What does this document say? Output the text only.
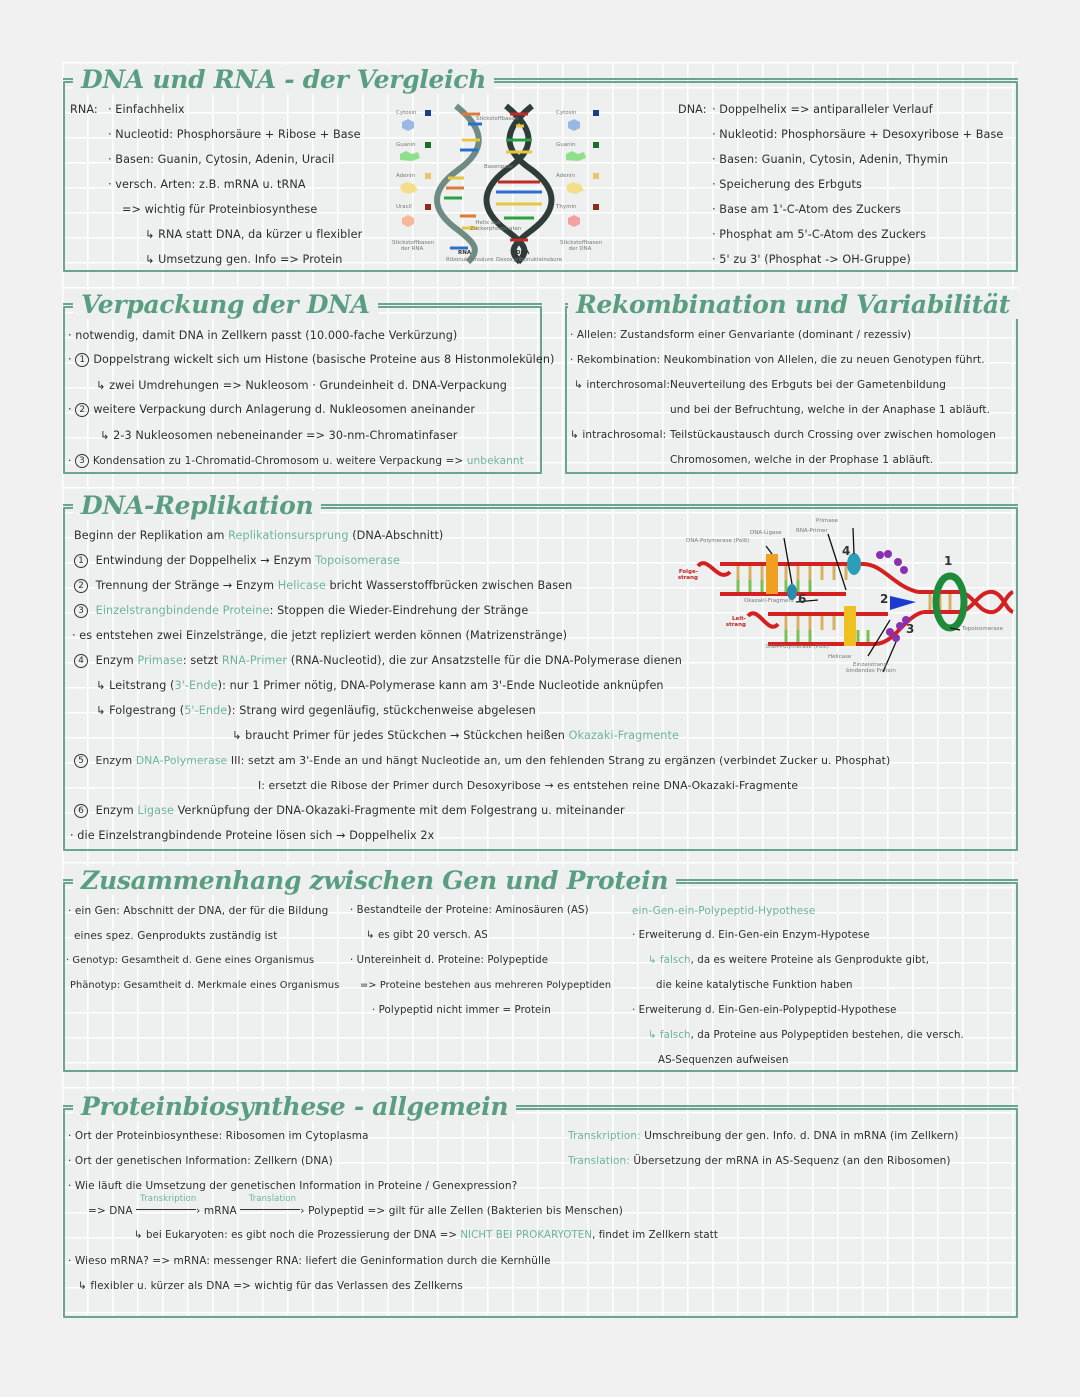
DNA und RNA - der Vergleich
RNA: · Einfachhelix
· Nucleotid: Phosphorsäure + Ribose + Base
· Basen: Guanin, Cytosin, Adenin, Uracil
· versch. Arten: z.B. mRNA u. tRNA
=> wichtig für Proteinbiosynthese
↳ RNA statt DNA, da kürzer u flexibler
↳ Umsetzung gen. Info => Protein
Cytosin
Guanin
Adenin
Uracil
Stickstoffbasen der RNA
Cytosin
Guanin
Adenin
Thymin
Stickstoffbasen der DNA
Stickstoffbasen
Basenpaar
Helix aus Zuckerphosphaten
RNA
Ribonukleinsäure
DNA
Desoxyribonukleinsäure
DNA: · Doppelhelix => antiparalleler Verlauf
· Nukleotid: Phosphorsäure + Desoxyribose + Base
· Basen: Guanin, Cytosin, Adenin, Thymin
· Speicherung des Erbguts
· Base am 1'-C-Atom des Zuckers
· Phosphat am 5'-C-Atom des Zuckers
· 5' zu 3' (Phosphat -> OH-Gruppe)
Verpackung der DNA
· notwendig, damit DNA in Zellkern passt (10.000-fache Verkürzung)
· 1 Doppelstrang wickelt sich um Histone (basische Proteine aus 8 Histonmolekülen)
↳ zwei Umdrehungen => Nukleosom · Grundeinheit d. DNA-Verpackung
· 2 weitere Verpackung durch Anlagerung d. Nukleosomen aneinander
↳ 2-3 Nukleosomen nebeneinander => 30-nm-Chromatinfaser
· 3 Kondensation zu 1-Chromatid-Chromosom u. weitere Verpackung => unbekannt
Rekombination und Variabilität
· Allelen: Zustandsform einer Genvariante (dominant / rezessiv)
· Rekombination: Neukombination von Allelen, die zu neuen Genotypen führt.
↳ interchrosomal: Neuverteilung des Erbguts bei der Gametenbildung
und bei der Befruchtung, welche in der Anaphase 1 abläuft.
↳ intrachrosomal: Teilstückaustausch durch Crossing over zwischen homologen
Chromosomen, welche in der Prophase 1 abläuft.
DNA-Replikation
Beginn der Replikation am Replikationsursprung (DNA-Abschnitt)
1 Entwindung der Doppelhelix → Enzym Topoisomerase
2 Trennung der Stränge → Enzym Helicase bricht Wasserstoffbrücken zwischen Basen
3 Einzelstrangbindende Proteine: Stoppen die Wieder-Eindrehung der Stränge
· es entstehen zwei Einzelstränge, die jetzt repliziert werden können (Matrizenstränge)
4 Enzym Primase: setzt RNA-Primer (RNA-Nucleotid), die zur Ansatzstelle für die DNA-Polymerase dienen
↳ Leitstrang (3'-Ende): nur 1 Primer nötig, DNA-Polymerase kann am 3'-Ende Nucleotide anknüpfen
↳ Folgestrang (5'-Ende): Strang wird gegenläufig, stückchenweise abgelesen
↳ braucht Primer für jedes Stückchen → Stückchen heißen Okazaki-Fragmente
5 Enzym DNA-Polymerase III: setzt am 3'-Ende an und hängt Nucleotide an, um den fehlenden Strang zu ergänzen (verbindet Zucker u. Phosphat)
I: ersetzt die Ribose der Primer durch Desoxyribose → es entstehen reine DNA-Okazaki-Fragmente
6 Enzym Ligase Verknüpfung der DNA-Okazaki-Fragmente mit dem Folgestrang u. miteinander
· die Einzelstrangbindende Proteine lösen sich → Doppelhelix 2x
Primase
DNA-Ligase	RNA-Primer
DNA-Polymerase (Polδ)
Folge-strang
Okazaki-Fragment
Leit-strang
DNA-Polymerase (Polε)
Helicase
Einzelstrang-bindendes Protein
Topoisomerase
1
2
3
4
6
Zusammenhang zwischen Gen und Protein
· ein Gen: Abschnitt der DNA, der für die Bildung
eines spez. Genprodukts zuständig ist
· Genotyp: Gesamtheit d. Gene eines Organismus
Phänotyp: Gesamtheit d. Merkmale eines Organismus
· Bestandteile der Proteine: Aminosäuren (AS)
↳ es gibt 20 versch. AS
· Untereinheit d. Proteine: Polypeptide
=> Proteine bestehen aus mehreren Polypeptiden
· Polypeptid nicht immer = Protein
ein-Gen-ein-Polypeptid-Hypothese
· Erweiterung d. Ein-Gen-ein Enzym-Hypotese
↳ falsch, da es weitere Proteine als Genprodukte gibt,
die keine katalytische Funktion haben
· Erweiterung d. Ein-Gen-ein-Polypeptid-Hypothese
↳ falsch, da Proteine aus Polypeptiden bestehen, die versch.
AS-Sequenzen aufweisen
Proteinbiosynthese - allgemein
· Ort der Proteinbiosynthese: Ribosomen im Cytoplasma
· Ort der genetischen Information: Zellkern (DNA)
· Wie läuft die Umsetzung der genetischen Information in Proteine / Genexpression?
=> DNA
Transkription
› mRNA
Translation
› Polypeptid => gilt für alle Zellen (Bakterien bis Menschen)
↳ bei Eukaryoten: es gibt noch die Prozessierung der DNA => NICHT BEI PROKARYOTEN, findet im Zellkern statt
· Wieso mRNA? => mRNA: messenger RNA: liefert die Geninformation durch die Kernhülle
↳ flexibler u. kürzer als DNA => wichtig für das Verlassen des Zellkerns
Transkription: Umschreibung der gen. Info. d. DNA in mRNA (im Zellkern)
Translation: Übersetzung der mRNA in AS-Sequenz (an den Ribosomen)
